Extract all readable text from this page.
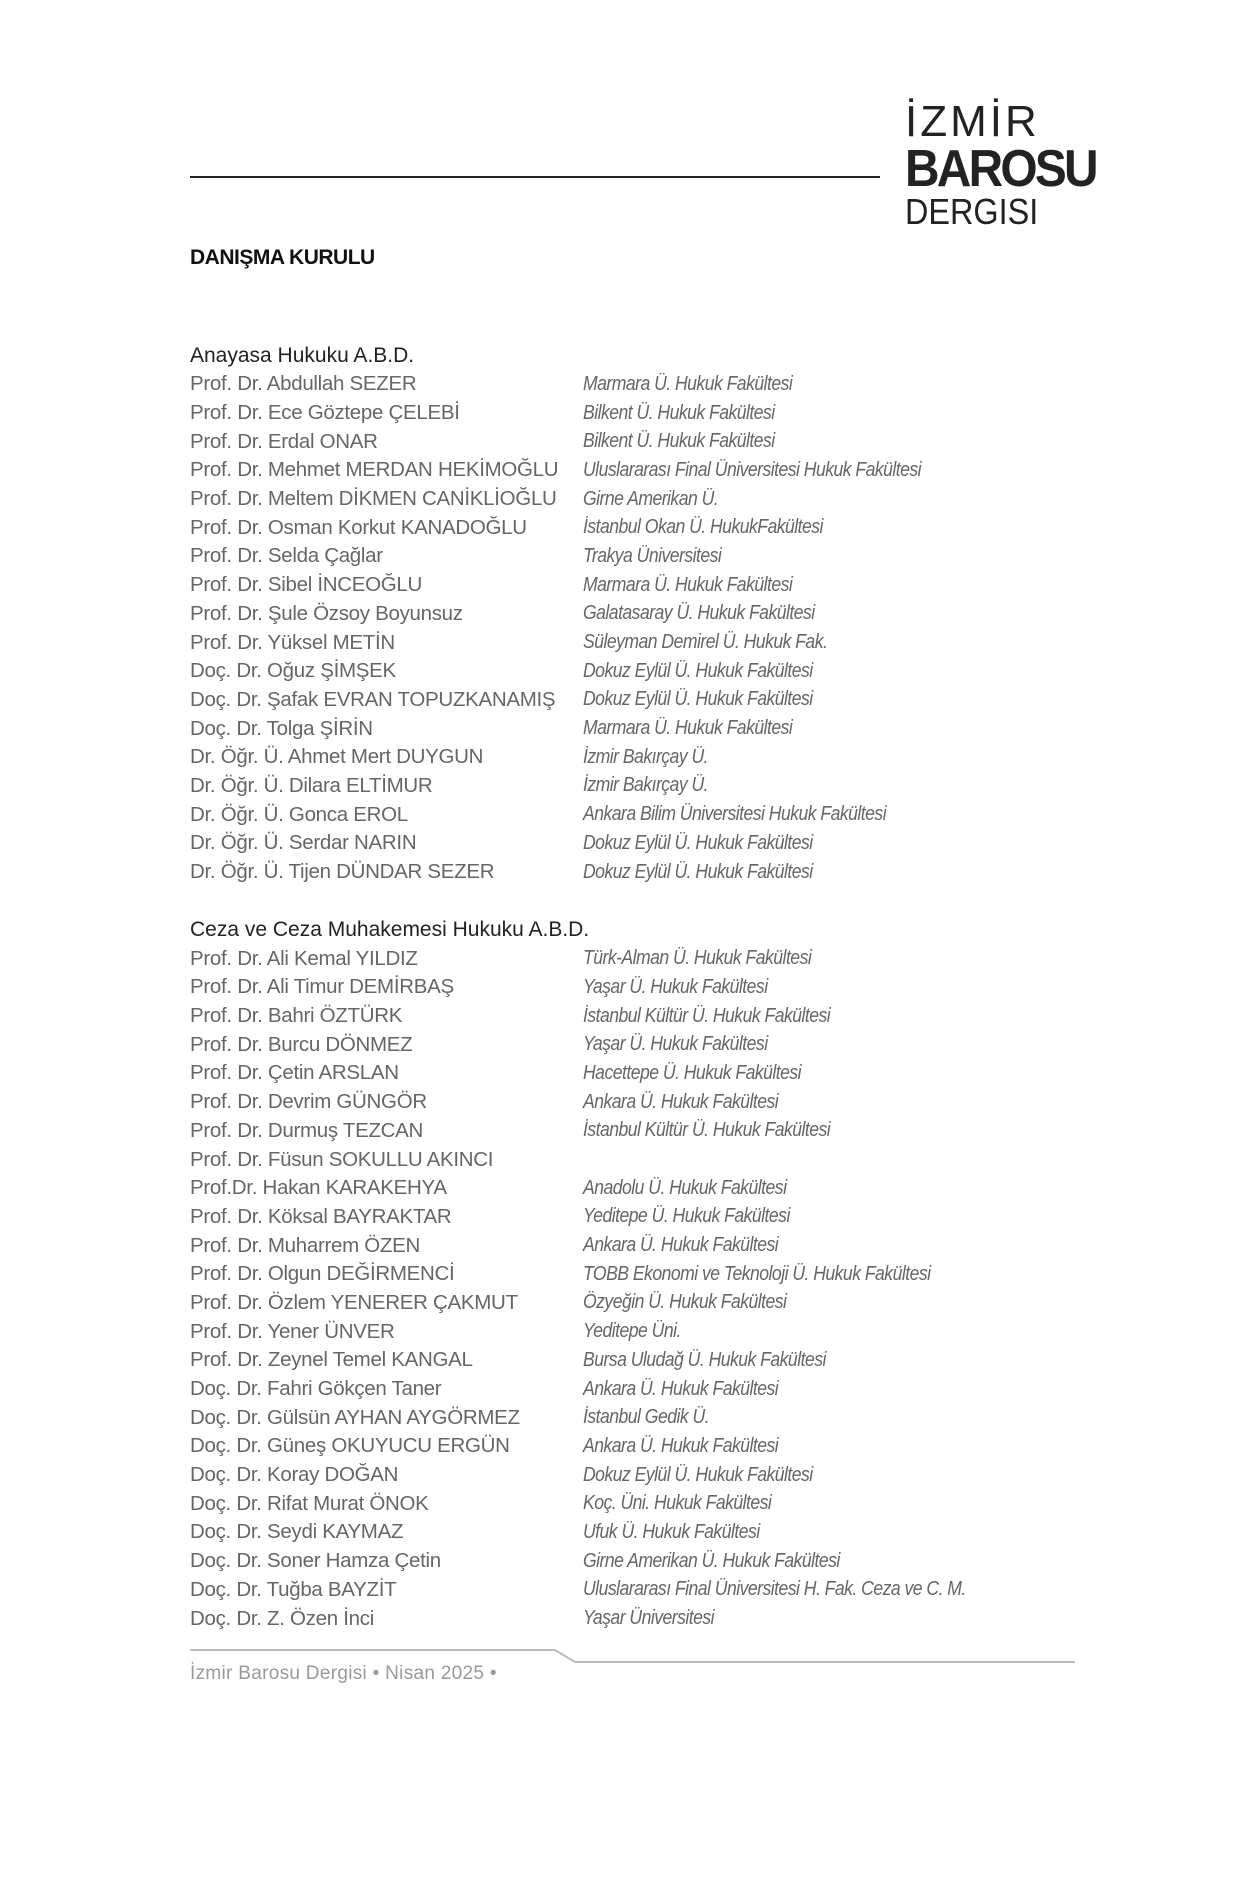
İZMİR
BAROSU
DERGISI
DANIŞMA KURULU
Anayasa Hukuku A.B.D.
Prof. Dr. Abdullah SEZER	Marmara Ü. Hukuk Fakültesi
Prof. Dr. Ece Göztepe ÇELEBİ	Bilkent Ü. Hukuk Fakültesi
Prof. Dr. Erdal ONAR	Bilkent Ü. Hukuk Fakültesi
Prof. Dr. Mehmet MERDAN HEKİMOĞLU	Uluslararası Final Üniversitesi Hukuk Fakültesi
Prof. Dr. Meltem DİKMEN CANİKLİOĞLU	Girne Amerikan Ü.
Prof. Dr. Osman Korkut KANADOĞLU	İstanbul Okan Ü. HukukFakültesi
Prof. Dr. Selda Çağlar	Trakya Üniversitesi
Prof. Dr. Sibel İNCEOĞLU	Marmara Ü. Hukuk Fakültesi
Prof. Dr. Şule Özsoy Boyunsuz	Galatasaray Ü. Hukuk Fakültesi
Prof. Dr. Yüksel METİN	Süleyman Demirel Ü. Hukuk Fak.
Doç. Dr. Oğuz ŞİMŞEK	Dokuz Eylül Ü. Hukuk Fakültesi
Doç. Dr. Şafak EVRAN TOPUZKANAMIŞ	Dokuz Eylül Ü. Hukuk Fakültesi
Doç. Dr. Tolga ŞİRİN	Marmara Ü. Hukuk Fakültesi
Dr. Öğr. Ü. Ahmet Mert DUYGUN	İzmir Bakırçay Ü.
Dr. Öğr. Ü. Dilara ELTİMUR	İzmir Bakırçay Ü.
Dr. Öğr. Ü. Gonca EROL	Ankara Bilim Üniversitesi Hukuk Fakültesi
Dr. Öğr. Ü. Serdar NARIN	Dokuz Eylül Ü. Hukuk Fakültesi
Dr. Öğr. Ü. Tijen DÜNDAR SEZER	Dokuz Eylül Ü. Hukuk Fakültesi
Ceza ve Ceza Muhakemesi Hukuku A.B.D.
Prof. Dr. Ali Kemal YILDIZ	Türk-Alman Ü. Hukuk Fakültesi
Prof. Dr. Ali Timur DEMİRBAŞ	Yaşar Ü. Hukuk Fakültesi
Prof. Dr. Bahri ÖZTÜRK	İstanbul Kültür Ü. Hukuk Fakültesi
Prof. Dr. Burcu DÖNMEZ	Yaşar Ü. Hukuk Fakültesi
Prof. Dr. Çetin ARSLAN	Hacettepe Ü. Hukuk Fakültesi
Prof. Dr. Devrim GÜNGÖR	Ankara Ü. Hukuk Fakültesi
Prof. Dr. Durmuş TEZCAN	İstanbul Kültür Ü. Hukuk Fakültesi
Prof. Dr. Füsun SOKULLU AKINCI
Prof.Dr. Hakan KARAKEHYA	Anadolu Ü. Hukuk Fakültesi
Prof. Dr. Köksal BAYRAKTAR	Yeditepe Ü. Hukuk Fakültesi
Prof. Dr. Muharrem ÖZEN	Ankara Ü. Hukuk Fakültesi
Prof. Dr. Olgun DEĞİRMENCİ	TOBB Ekonomi ve Teknoloji Ü. Hukuk Fakültesi
Prof. Dr. Özlem YENERER ÇAKMUT	Özyeğin Ü. Hukuk Fakültesi
Prof. Dr. Yener ÜNVER	Yeditepe Üni.
Prof. Dr. Zeynel Temel KANGAL	Bursa Uludağ Ü. Hukuk Fakültesi
Doç. Dr. Fahri Gökçen Taner	Ankara Ü. Hukuk Fakültesi
Doç. Dr. Gülsün AYHAN AYGÖRMEZ	İstanbul Gedik Ü.
Doç. Dr. Güneş OKUYUCU ERGÜN	Ankara Ü. Hukuk Fakültesi
Doç. Dr. Koray DOĞAN	Dokuz Eylül Ü. Hukuk Fakültesi
Doç. Dr. Rifat Murat ÖNOK	Koç. Üni. Hukuk Fakültesi
Doç. Dr. Seydi KAYMAZ	Ufuk Ü. Hukuk Fakültesi
Doç. Dr. Soner Hamza Çetin	Girne Amerikan Ü. Hukuk Fakültesi
Doç. Dr. Tuğba BAYZİT	Uluslararası Final Üniversitesi H. Fak. Ceza ve C. M.
Doç. Dr. Z. Özen İnci	Yaşar Üniversitesi
İzmir Barosu Dergisi • Nisan 2025 •
